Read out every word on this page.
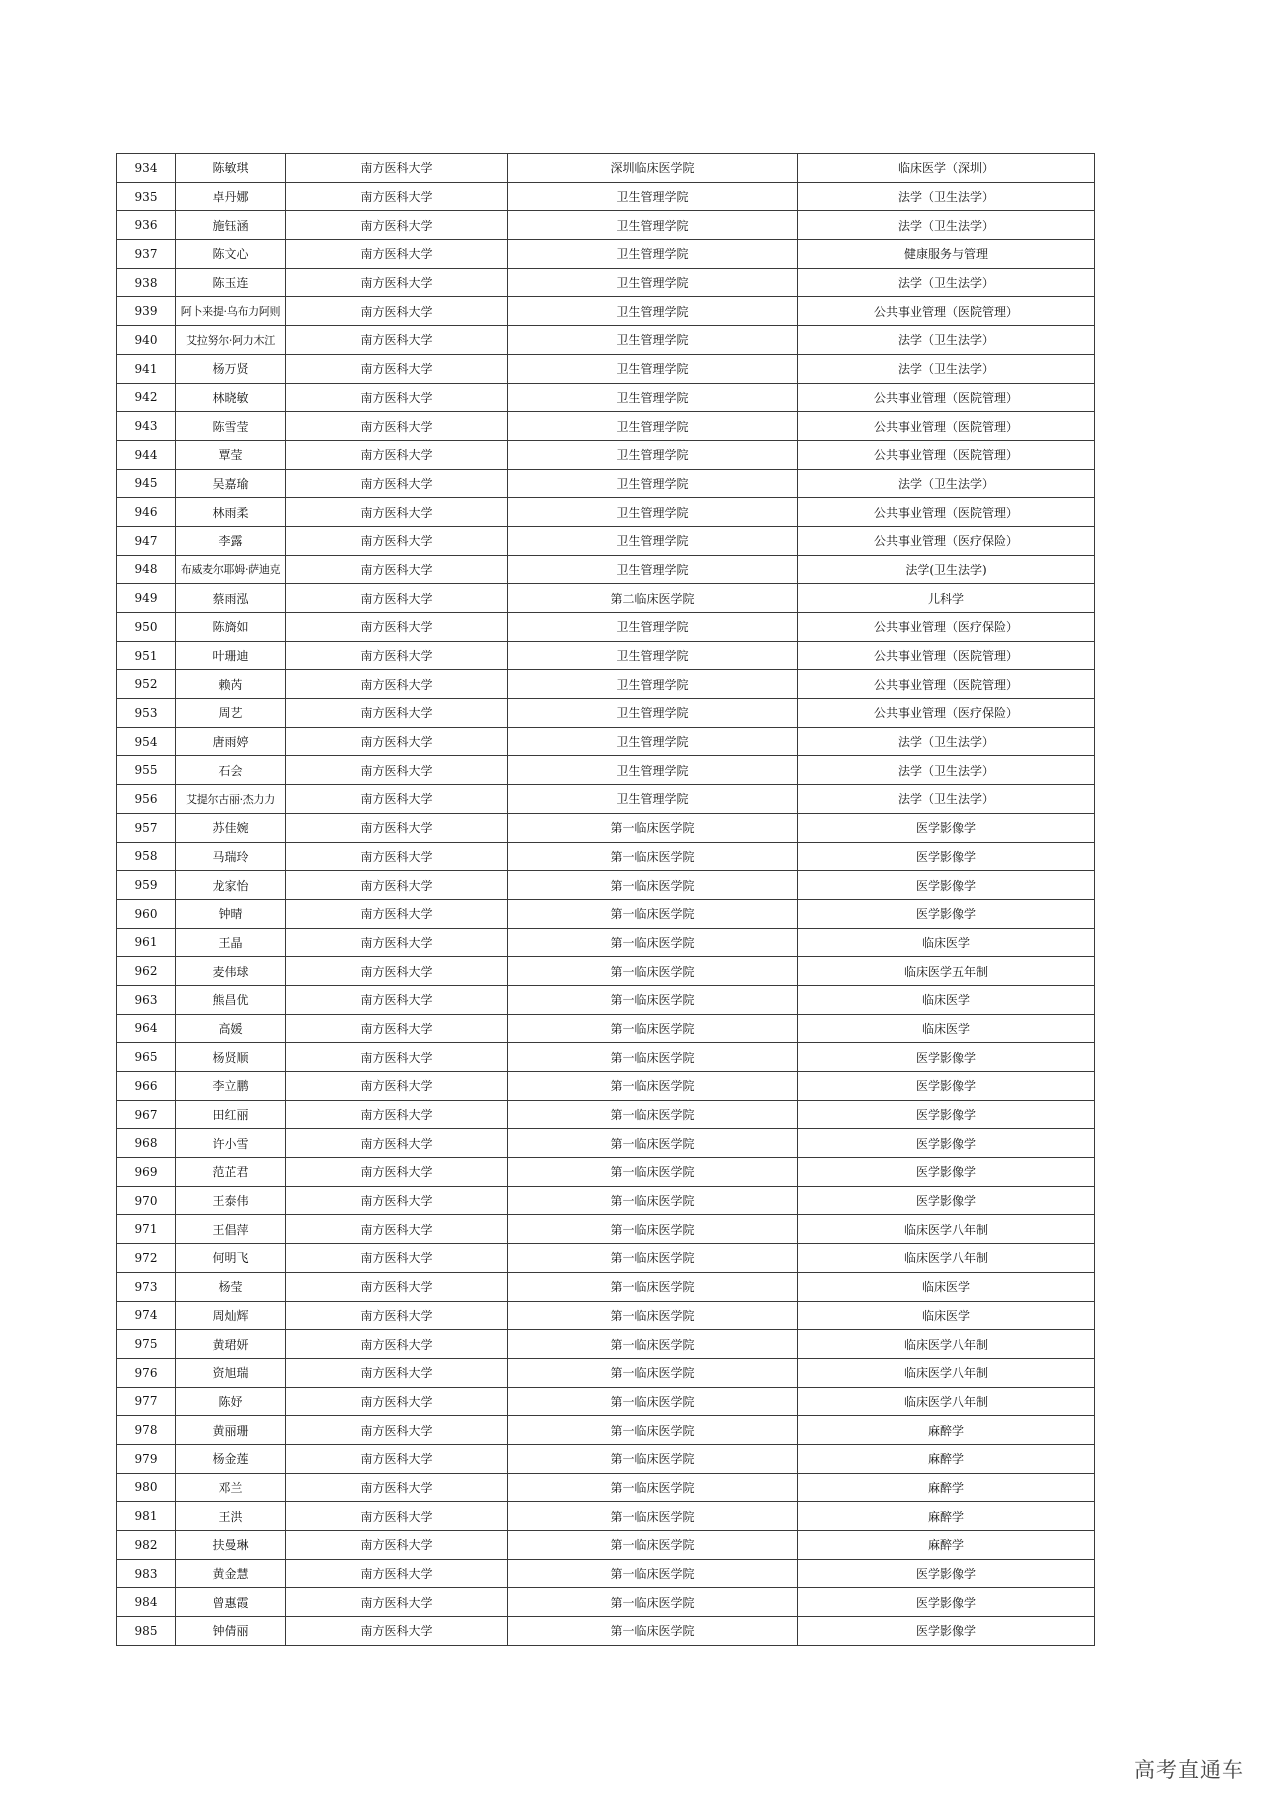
934	陈敏琪	南方医科大学	深圳临床医学院	临床医学（深圳）
935	卓丹娜	南方医科大学	卫生管理学院	法学（卫生法学）
936	施钰涵	南方医科大学	卫生管理学院	法学（卫生法学）
937	陈文心	南方医科大学	卫生管理学院	健康服务与管理
938	陈玉连	南方医科大学	卫生管理学院	法学（卫生法学）
939	阿卜来提·乌布力阿则	南方医科大学	卫生管理学院	公共事业管理（医院管理）
940	艾拉努尔·阿力木江	南方医科大学	卫生管理学院	法学（卫生法学）
941	杨万贤	南方医科大学	卫生管理学院	法学（卫生法学）
942	林晓敏	南方医科大学	卫生管理学院	公共事业管理（医院管理）
943	陈雪莹	南方医科大学	卫生管理学院	公共事业管理（医院管理）
944	覃莹	南方医科大学	卫生管理学院	公共事业管理（医院管理）
945	吴嘉瑜	南方医科大学	卫生管理学院	法学（卫生法学）
946	林雨柔	南方医科大学	卫生管理学院	公共事业管理（医院管理）
947	李露	南方医科大学	卫生管理学院	公共事业管理（医疗保险）
948	布威麦尔耶姆·萨迪克	南方医科大学	卫生管理学院	法学(卫生法学)
949	蔡雨泓	南方医科大学	第二临床医学院	儿科学
950	陈旖如	南方医科大学	卫生管理学院	公共事业管理（医疗保险）
951	叶珊迪	南方医科大学	卫生管理学院	公共事业管理（医院管理）
952	赖芮	南方医科大学	卫生管理学院	公共事业管理（医院管理）
953	周艺	南方医科大学	卫生管理学院	公共事业管理（医疗保险）
954	唐雨婷	南方医科大学	卫生管理学院	法学（卫生法学）
955	石会	南方医科大学	卫生管理学院	法学（卫生法学）
956	艾提尔古丽·杰力力	南方医科大学	卫生管理学院	法学（卫生法学）
957	苏佳婉	南方医科大学	第一临床医学院	医学影像学
958	马瑞玲	南方医科大学	第一临床医学院	医学影像学
959	龙家怡	南方医科大学	第一临床医学院	医学影像学
960	钟晴	南方医科大学	第一临床医学院	医学影像学
961	王晶	南方医科大学	第一临床医学院	临床医学
962	麦伟球	南方医科大学	第一临床医学院	临床医学五年制
963	熊昌优	南方医科大学	第一临床医学院	临床医学
964	高媛	南方医科大学	第一临床医学院	临床医学
965	杨贤顺	南方医科大学	第一临床医学院	医学影像学
966	李立鹏	南方医科大学	第一临床医学院	医学影像学
967	田红丽	南方医科大学	第一临床医学院	医学影像学
968	许小雪	南方医科大学	第一临床医学院	医学影像学
969	范芷君	南方医科大学	第一临床医学院	医学影像学
970	王泰伟	南方医科大学	第一临床医学院	医学影像学
971	王倡萍	南方医科大学	第一临床医学院	临床医学八年制
972	何明飞	南方医科大学	第一临床医学院	临床医学八年制
973	杨莹	南方医科大学	第一临床医学院	临床医学
974	周灿辉	南方医科大学	第一临床医学院	临床医学
975	黄珺妍	南方医科大学	第一临床医学院	临床医学八年制
976	资旭瑞	南方医科大学	第一临床医学院	临床医学八年制
977	陈妤	南方医科大学	第一临床医学院	临床医学八年制
978	黄丽珊	南方医科大学	第一临床医学院	麻醉学
979	杨金莲	南方医科大学	第一临床医学院	麻醉学
980	邓兰	南方医科大学	第一临床医学院	麻醉学
981	王洪	南方医科大学	第一临床医学院	麻醉学
982	扶曼琳	南方医科大学	第一临床医学院	麻醉学
983	黄金慧	南方医科大学	第一临床医学院	医学影像学
984	曾惠霞	南方医科大学	第一临床医学院	医学影像学
985	钟倩丽	南方医科大学	第一临床医学院	医学影像学
高考直通车
